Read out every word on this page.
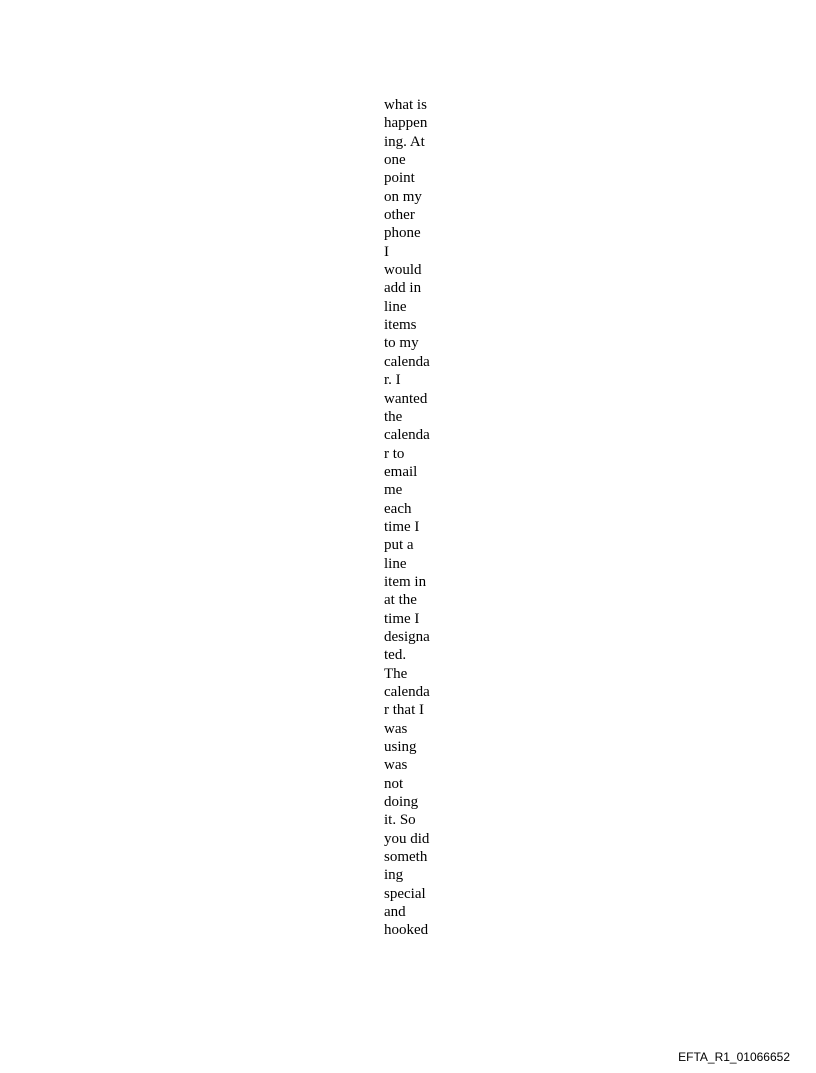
what is
happen
ing. At
one
point
on my
other
phone
I
would
add in
line
items
to my
calenda
r. I
wanted
the
calenda
r to
email
me
each
time I
put a
line
item in
at the
time I
designa
ted.
The
calenda
r that I
was
using
was
not
doing
it. So
you did
someth
ing
special
and
hooked
EFTA_R1_01066652
